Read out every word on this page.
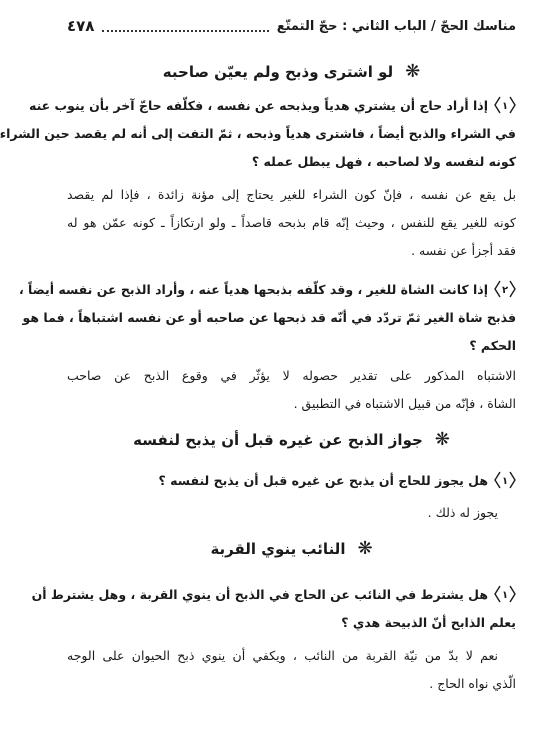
مناسك الحجّ / الباب الثاني : حجّ التمتّع
٤٧٨
❋
لو اشترى وذبح ولم يعيّن صاحبه
١
إذا أراد حاج أن يشتري هدياً ويذبحه عن نفسه ، فكلّفه حاجّ آخر بأن ينوب عنه
في الشراء والذبح أيضاً ، فاشترى هدياً وذبحه ، ثمّ التفت إلى أنه لم يقصد حين الشراء
كونه لنفسه ولا لصاحبه ، فهل يبطل عمله ؟
بل يقع عن نفسه ، فإنّ كون الشراء للغير يحتاج إلى مؤنة زائدة ، فإذا لم يقصد
كونه للغير يقع للنفس ، وحيث إنّه قام بذبحه قاصداً ـ ولو ارتكازاً ـ كونه عمّن هو له
فقد أجزأ عن نفسه .
٢
إذا كانت الشاة للغير ، وقد كلّفه بذبحها هدياً عنه ، وأراد الذبح عن نفسه أيضاً ،
فذبح شاة الغير ثمّ تردّد في أنّه قد ذبحها عن صاحبه أو عن نفسه اشتباهاً ، فما هو
الحكم ؟
الاشتباه المذكور على تقدير حصوله لا يؤثّر في وقوع الذبح عن صاحب
الشاة ، فإنّه من قبيل الاشتباه في التطبيق .
❋
جواز الذبح عن غيره قبل أن يذبح لنفسه
١
هل يجوز للحاج أن يذبح عن غيره قبل أن يذبح لنفسه ؟
يجوز له ذلك .
❋
النائب ينوي القربة
١
هل يشترط في النائب عن الحاج في الذبح أن ينوي القربة ، وهل يشترط أن
يعلم الذابح أنّ الذبيحة هدي ؟
نعم لا بدّ من نيّة القربة من النائب ، ويكفي أن ينوي ذبح الحيوان على الوجه
الّذي نواه الحاج .
